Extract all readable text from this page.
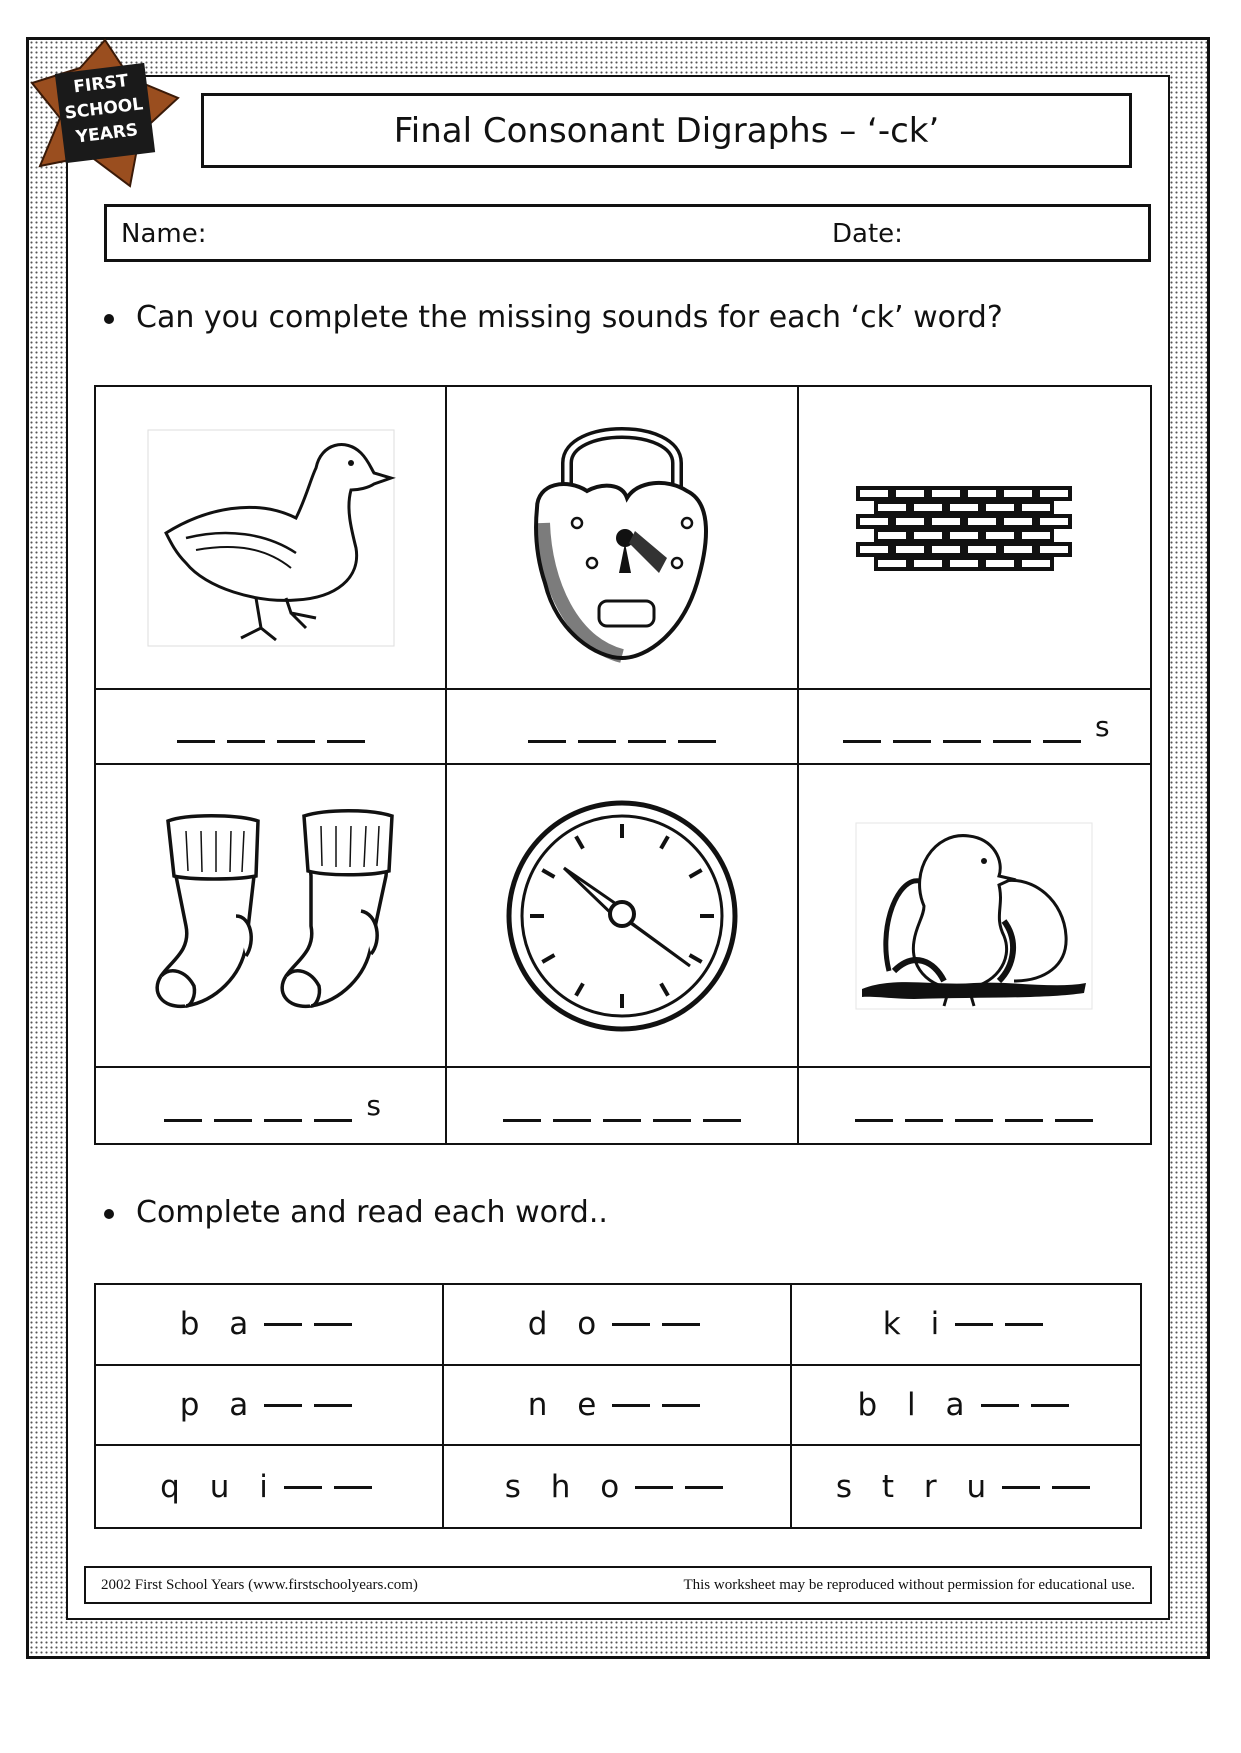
FIRST
SCHOOL
YEARS	Final Consonant Digraphs – ‘-ck’
Name:	Date:
Can you complete the missing sounds for each ‘ck’ word?
s
s
Complete and read each word..
b a	d o	k i
p a	n e	b l a
q u i	s h o	s t r u
2002 First School Years (www.firstschoolyears.com)	This worksheet may be reproduced without permission for educational use.
